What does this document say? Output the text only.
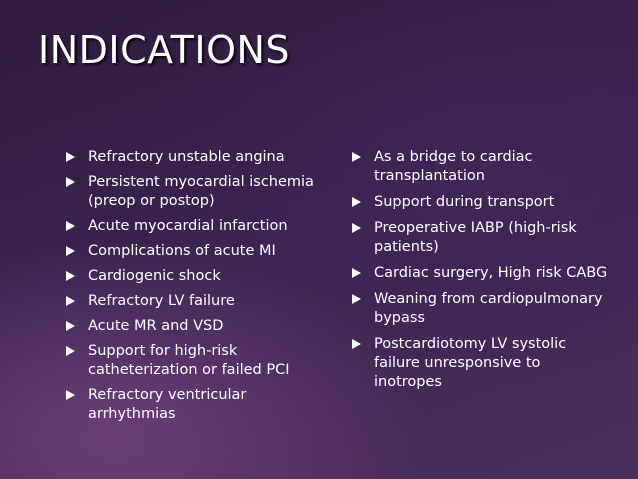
INDICATIONS
Refractory unstable angina
Persistent myocardial ischemia (preop or postop)
Acute myocardial infarction
Complications of acute MI
Cardiogenic shock
Refractory LV failure
Acute MR and VSD
Support for high-risk catheterization or failed PCI
Refractory ventricular arrhythmias
As a bridge to cardiac transplantation
Support during transport
Preoperative IABP (high-risk patients)
Cardiac surgery, High risk CABG
Weaning from cardiopulmonary bypass
Postcardiotomy LV systolic failure unresponsive to inotropes
